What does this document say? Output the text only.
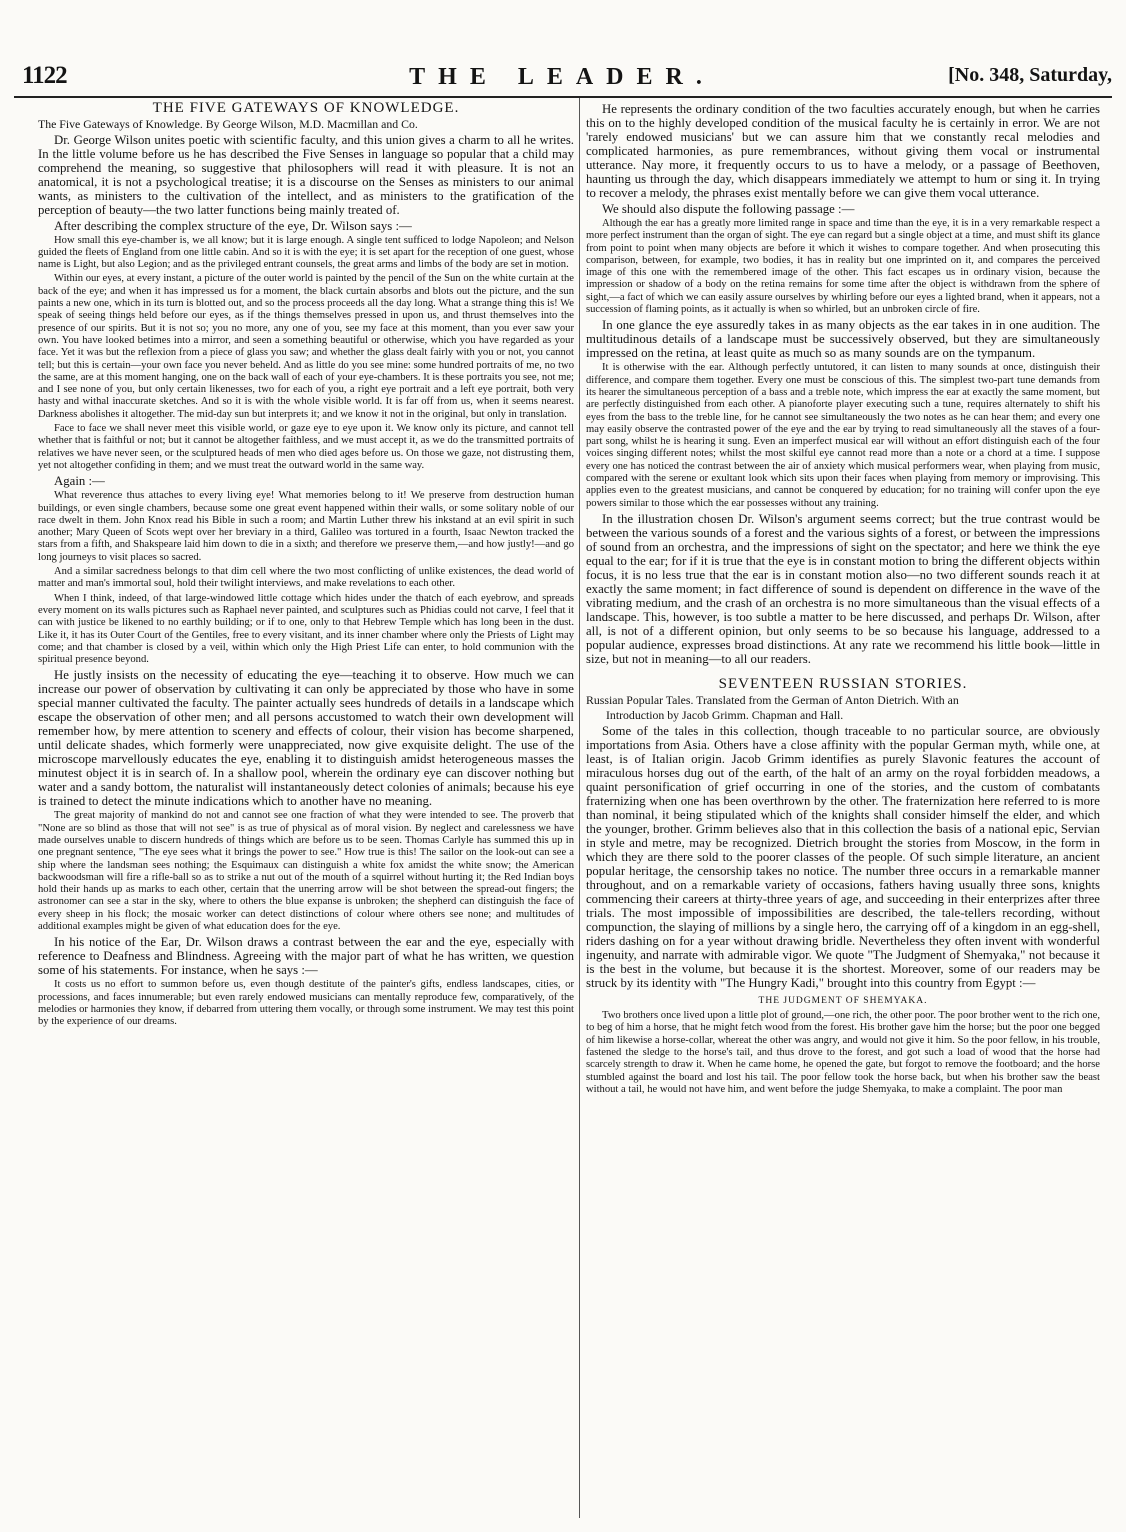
1122	THE LEADER.	[No. 348, Saturday,
THE FIVE GATEWAYS OF KNOWLEDGE.
The Five Gateways of Knowledge. By George Wilson, M.D. Macmillan and Co.

Dr. George Wilson unites poetic with scientific faculty, and this union gives a charm to all he writes. In the little volume before us he has described the Five Senses in language so popular that a child may comprehend the meaning, so suggestive that philosophers will read it with pleasure. It is not an anatomical, it is not a psychological treatise; it is a discourse on the Senses as ministers to our animal wants, as ministers to the cultivation of the intellect, and as ministers to the gratification of the perception of beauty—the two latter functions being mainly treated of.

After describing the complex structure of the eye, Dr. Wilson says :—

How small this eye-chamber is, we all know; but it is large enough. A single tent sufficed to lodge Napoleon; and Nelson guided the fleets of England from one little cabin. And so it is with the eye; it is set apart for the reception of one guest, whose name is Light, but also Legion; and as the privileged entrant counsels, the great arms and limbs of the body are set in motion.

Within our eyes, at every instant, a picture of the outer world is painted by the pencil of the Sun on the white curtain at the back of the eye; and when it has impressed us for a moment, the black curtain absorbs and blots out the picture, and the sun paints a new one, which in its turn is blotted out, and so the process proceeds all the day long. What a strange thing this is! We speak of seeing things held before our eyes, as if the things themselves pressed in upon us, and thrust themselves into the presence of our spirits. But it is not so; you no more, any one of you, see my face at this moment, than you ever saw your own. You have looked betimes into a mirror, and seen a something beautiful or otherwise, which you have regarded as your face. Yet it was but the reflexion from a piece of glass you saw; and whether the glass dealt fairly with you or not, you cannot tell; but this is certain—your own face you never beheld. And as little do you see mine: some hundred portraits of me, no two the same, are at this moment hanging, one on the back wall of each of your eye-chambers. It is these portraits you see, not me; and I see none of you, but only certain likenesses, two for each of you, a right eye portrait and a left eye portrait, both very hasty and withal inaccurate sketches. And so it is with the whole visible world. It is far off from us, when it seems nearest. Darkness abolishes it altogether. The mid-day sun but interprets it; and we know it not in the original, but only in translation.

Face to face we shall never meet this visible world, or gaze eye to eye upon it. We know only its picture, and cannot tell whether that is faithful or not; but it cannot be altogether faithless, and we must accept it, as we do the transmitted portraits of relatives we have never seen, or the sculptured heads of men who died ages before us. On those we gaze, not distrusting them, yet not altogether confiding in them; and we must treat the outward world in the same way.

Again :—

What reverence thus attaches to every living eye! What memories belong to it! We preserve from destruction human buildings, or even single chambers, because some one great event happened within their walls, or some solitary noble of our race dwelt in them. John Knox read his Bible in such a room; and Martin Luther threw his inkstand at an evil spirit in such another; Mary Queen of Scots wept over her breviary in a third, Galileo was tortured in a fourth, Isaac Newton tracked the stars from a fifth, and Shakspeare laid him down to die in a sixth; and therefore we preserve them,—and how justly!—and go long journeys to visit places so sacred.

And a similar sacredness belongs to that dim cell where the two most conflicting of unlike existences, the dead world of matter and man's immortal soul, hold their twilight interviews, and make revelations to each other.

When I think, indeed, of that large-windowed little cottage which hides under the thatch of each eyebrow, and spreads every moment on its walls pictures such as Raphael never painted, and sculptures such as Phidias could not carve, I feel that it can with justice be likened to no earthly building; or if to one, only to that Hebrew Temple which has long been in the dust. Like it, it has its Outer Court of the Gentiles, free to every visitant, and its inner chamber where only the Priests of Light may come; and that chamber is closed by a veil, within which only the High Priest Life can enter, to hold communion with the spiritual presence beyond.

He justly insists on the necessity of educating the eye—teaching it to observe. How much we can increase our power of observation by cultivating it can only be appreciated by those who have in some special manner cultivated the faculty. The painter actually sees hundreds of details in a landscape which escape the observation of other men; and all persons accustomed to watch their own development will remember how, by mere attention to scenery and effects of colour, their vision has become sharpened, until delicate shades, which formerly were unappreciated, now give exquisite delight. The use of the microscope marvellously educates the eye, enabling it to distinguish amidst heterogeneous masses the minutest object it is in search of. In a shallow pool, wherein the ordinary eye can discover nothing but water and a sandy bottom, the naturalist will instantaneously detect colonies of animals; because his eye is trained to detect the minute indications which to another have no meaning.

The great majority of mankind do not and cannot see one fraction of what they were intended to see. The proverb that "None are so blind as those that will not see" is as true of physical as of moral vision. By neglect and carelessness we have made ourselves unable to discern hundreds of things which are before us to be seen. Thomas Carlyle has summed this up in one pregnant sentence, "The eye sees what it brings the power to see." How true is this! The sailor on the look-out can see a ship where the landsman sees nothing; the Esquimaux can distinguish a white fox amidst the white snow; the American backwoodsman will fire a rifle-ball so as to strike a nut out of the mouth of a squirrel without hurting it; the Red Indian boys hold their hands up as marks to each other, certain that the unerring arrow will be shot between the spread-out fingers; the astronomer can see a star in the sky, where to others the blue expanse is unbroken; the shepherd can distinguish the face of every sheep in his flock; the mosaic worker can detect distinctions of colour where others see none; and multitudes of additional examples might be given of what education does for the eye.

In his notice of the Ear, Dr. Wilson draws a contrast between the ear and the eye, especially with reference to Deafness and Blindness. Agreeing with the major part of what he has written, we question some of his statements. For instance, when he says :—

It costs us no effort to summon before us, even though destitute of the painter's gifts, endless landscapes, cities, or processions, and faces innumerable; but even rarely endowed musicians can mentally reproduce few, comparatively, of the melodies or harmonies they know, if debarred from uttering them vocally, or through some instrument. We may test this point by the experience of our dreams.

He represents the ordinary condition of the two faculties accurately enough, but when he carries this on to the highly developed condition of the musical faculty he is certainly in error. We are not 'rarely endowed musicians' but we can assure him that we constantly recal melodies and complicated harmonies, as pure remembrances, without giving them vocal or instrumental utterance. Nay more, it frequently occurs to us to have a melody, or a passage of Beethoven, haunting us through the day, which disappears immediately we attempt to hum or sing it. In trying to recover a melody, the phrases exist mentally before we can give them vocal utterance.

We should also dispute the following passage :—

Although the ear has a greatly more limited range in space and time than the eye, it is in a very remarkable respect a more perfect instrument than the organ of sight. The eye can regard but a single object at a time, and must shift its glance from point to point when many objects are before it which it wishes to compare together. And when prosecuting this comparison, between, for example, two bodies, it has in reality but one imprinted on it, and compares the perceived image of this one with the remembered image of the other. This fact escapes us in ordinary vision, because the impression or shadow of a body on the retina remains for some time after the object is withdrawn from the sphere of sight,—a fact of which we can easily assure ourselves by whirling before our eyes a lighted brand, when it appears, not a succession of flaming points, as it actually is when so whirled, but an unbroken circle of fire.

In one glance the eye assuredly takes in as many objects as the ear takes in in one audition. The multitudinous details of a landscape must be successively observed, but they are simultaneously impressed on the retina, at least quite as much so as many sounds are on the tympanum.

It is otherwise with the ear. Although perfectly untutored, it can listen to many sounds at once, distinguish their difference, and compare them together. Every one must be conscious of this. The simplest two-part tune demands from its hearer the simultaneous perception of a bass and a treble note, which impress the ear at exactly the same moment, but are perfectly distinguished from each other. A pianoforte player executing such a tune, requires alternately to shift his eyes from the bass to the treble line, for he cannot see simultaneously the two notes as he can hear them; and every one may easily observe the contrasted power of the eye and the ear by trying to read simultaneously all the staves of a four-part song, whilst he is hearing it sung. Even an imperfect musical ear will without an effort distinguish each of the four voices singing different notes; whilst the most skilful eye cannot read more than a note or a chord at a time. I suppose every one has noticed the contrast between the air of anxiety which musical performers wear, when playing from music, compared with the serene or exultant look which sits upon their faces when playing from memory or improvising. This applies even to the greatest musicians, and cannot be conquered by education; for no training will confer upon the eye powers similar to those which the ear possesses without any training.

In the illustration chosen Dr. Wilson's argument seems correct; but the true contrast would be between the various sounds of a forest and the various sights of a forest, or between the impressions of sound from an orchestra, and the impressions of sight on the spectator; and here we think the eye equal to the ear; for if it is true that the eye is in constant motion to bring the different objects within focus, it is no less true that the ear is in constant motion also—no two different sounds reach it at exactly the same moment; in fact difference of sound is dependent on difference in the wave of the vibrating medium, and the crash of an orchestra is no more simultaneous than the visual effects of a landscape. This, however, is too subtle a matter to be here discussed, and perhaps Dr. Wilson, after all, is not of a different opinion, but only seems to be so because his language, addressed to a popular audience, expresses broad distinctions. At any rate we recommend his little book—little in size, but not in meaning—to all our readers.

SEVENTEEN RUSSIAN STORIES.
Russian Popular Tales. Translated from the German of Anton Dietrich. With an
Introduction by Jacob Grimm. Chapman and Hall.

Some of the tales in this collection, though traceable to no particular source, are obviously importations from Asia. Others have a close affinity with the popular German myth, while one, at least, is of Italian origin. Jacob Grimm identifies as purely Slavonic features the account of miraculous horses dug out of the earth, of the halt of an army on the royal forbidden meadows, a quaint personification of grief occurring in one of the stories, and the custom of combatants fraternizing when one has been overthrown by the other. The fraternization here referred to is more than nominal, it being stipulated which of the knights shall consider himself the elder, and which the younger, brother. Grimm believes also that in this collection the basis of a national epic, Servian in style and metre, may be recognized. Dietrich brought the stories from Moscow, in the form in which they are there sold to the poorer classes of the people. Of such simple literature, an ancient popular heritage, the censorship takes no notice. The number three occurs in a remarkable manner throughout, and on a remarkable variety of occasions, fathers having usually three sons, knights commencing their careers at thirty-three years of age, and succeeding in their enterprizes after three trials. The most impossible of impossibilities are described, the tale-tellers recording, without compunction, the slaying of millions by a single hero, the carrying off of a kingdom in an egg-shell, riders dashing on for a year without drawing bridle. Nevertheless they often invent with wonderful ingenuity, and narrate with admirable vigor. We quote "The Judgment of Shemyaka," not because it is the best in the volume, but because it is the shortest. Moreover, some of our readers may be struck by its identity with "The Hungry Kadi," brought into this country from Egypt :—

THE JUDGMENT OF SHEMYAKA.

Two brothers once lived upon a little plot of ground,—one rich, the other poor. The poor brother went to the rich one, to beg of him a horse, that he might fetch wood from the forest. His brother gave him the horse; but the poor one begged of him likewise a horse-collar, whereat the other was angry, and would not give it him. So the poor fellow, in his trouble, fastened the sledge to the horse's tail, and thus drove to the forest, and got such a load of wood that the horse had scarcely strength to draw it. When he came home, he opened the gate, but forgot to remove the footboard; and the horse stumbled against the board and lost his tail. The poor fellow took the horse back, but when his brother saw the beast without a tail, he would not have him, and went before the judge Shemyaka, to make a complaint. The poor man
